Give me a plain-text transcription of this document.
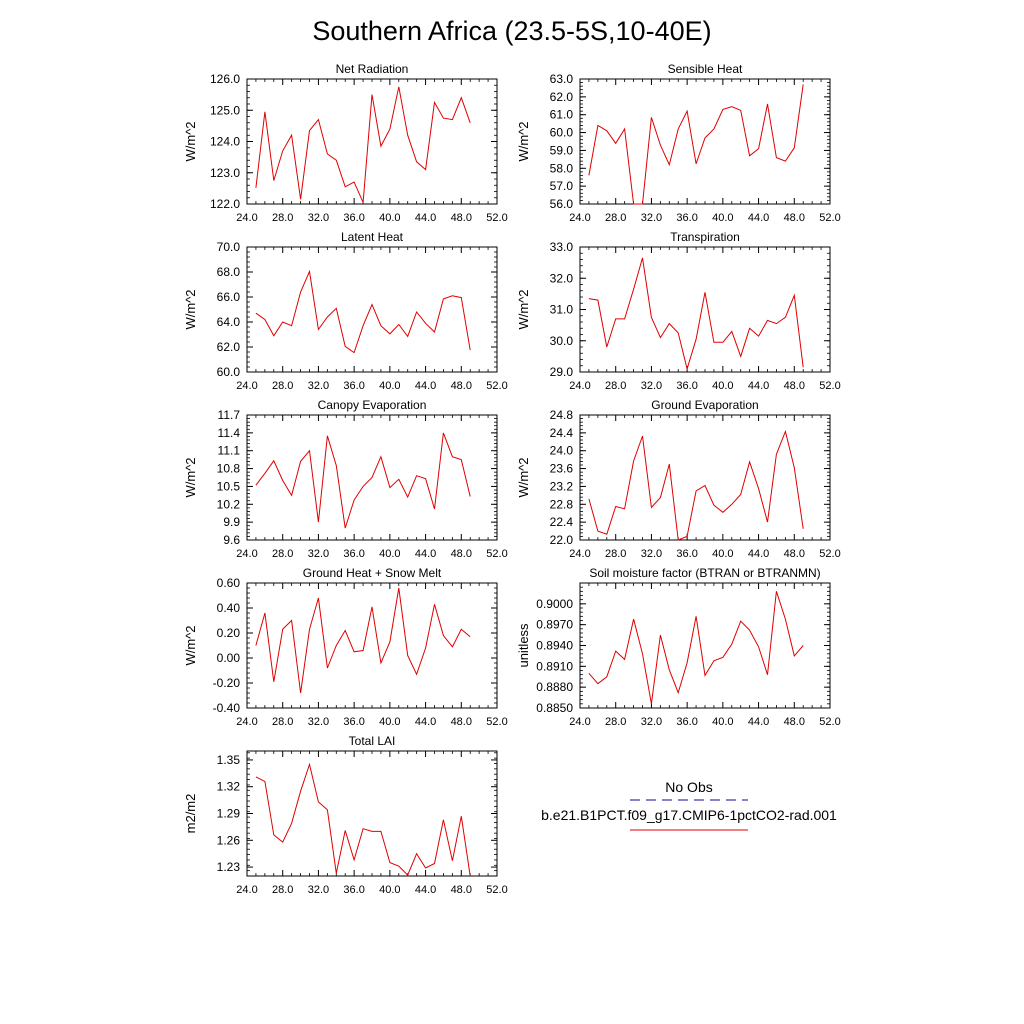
Southern Africa (23.5-5S,10-40E)
Net Radiation
W/m^2
24.0 28.0 32.0 36.0 40.0 44.0 48.0 52.0
122.0
123.0
124.0
125.0
126.0
Sensible Heat
W/m^2
24.0 28.0 32.0 36.0 40.0 44.0 48.0 52.0
56.0
57.0
58.0
59.0
60.0
61.0
62.0
63.0
Latent Heat
W/m^2
24.0 28.0 32.0 36.0 40.0 44.0 48.0 52.0
60.0
62.0
64.0
66.0
68.0
70.0
Transpiration
W/m^2
24.0 28.0 32.0 36.0 40.0 44.0 48.0 52.0
29.0
30.0
31.0
32.0
33.0
Canopy Evaporation
W/m^2
24.0 28.0 32.0 36.0 40.0 44.0 48.0 52.0
9.6
9.9
10.2
10.5
10.8
11.1
11.4
11.7
Ground Evaporation
W/m^2
24.0 28.0 32.0 36.0 40.0 44.0 48.0 52.0
22.0
22.4
22.8
23.2
23.6
24.0
24.4
24.8
Ground Heat + Snow Melt
W/m^2
24.0 28.0 32.0 36.0 40.0 44.0 48.0 52.0
-0.40
-0.20
0.00
0.20
0.40
0.60
Soil moisture factor (BTRAN or BTRANMN)
unitless
24.0 28.0 32.0 36.0 40.0 44.0 48.0 52.0
0.8850
0.8880
0.8910
0.8940
0.8970
0.9000
Total LAI
m2/m2
24.0 28.0 32.0 36.0 40.0 44.0 48.0 52.0
1.23
1.26
1.29
1.32
1.35
No Obs
b.e21.B1PCT.f09_g17.CMIP6-1pctCO2-rad.001
